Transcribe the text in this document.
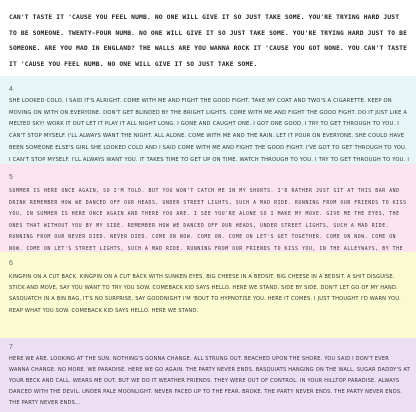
CAN'T TASTE IT 'CAUSE YOU FEEL NUMB. NO ONE WILL GIVE IT SO JUST TAKE SOME. YOU'RE TRYING HARD JUST TO BE SOMEONE. TWENTY-FOUR NUMB. NO ONE WILL GIVE IT SO JUST TAKE SOME. YOU'RE TRYING HARD JUST TO BE SOMEONE. ARE YOU MAD IN ENGLAND? THE WALLS ARE YOU WANNA ROCK IT 'CAUSE YOU GOT NONE. YOU CAN'T TASTE IT 'CAUSE YOU FEEL NUMB. NO ONE WILL GIVE IT SO JUST TAKE SOME.

4

SHE LOOKED COLD, I SAID IT'S ALRIGHT. COME WITH ME AND FIGHT THE GOOD FIGHT. TAKE MY COAT AND TWO'S A CIGARETTE. KEEP ON MOVING ON WITH ON EVERYONE. DON'T GET BLINDED BY THE BRIGHT LIGHTS. COME WITH ME AND FIGHT THE GOOD FIGHT. DO IT JUST LIKE A MELTED SKY! WORK IT OUT LET IT PLAY IT ALL NIGHT LONG. I GONE AND CAUGHT ONE. I GOT ONE GOOD. I TRY TO GET THROUGH TO YOU. I CAN'T STOP MYSELF. I'LL ALWAYS WANT THE NIGHT. ALL ALONE. COME WITH ME AND THE RAIN. LET IT POUR ON EVERYONE. SHE COULD HAVE BEEN SOMEONE ELSE'S GIRL SHE LOOKED COLD AND I SAID COME WITH ME AND FIGHT THE GOOD FIGHT. I'VE GOT TO GET THROUGH TO YOU. I CAN'T STOP MYSELF. I'LL ALWAYS WANT YOU. IT TAKES TIME TO GET UP ON TIME. WATCH THROUGH TO YOU. I TRY TO GET THROUGH TO YOU. I

5

SUMMER IS HERE ONCE AGAIN, SO I'M TOLD. BUT YOU WON'T CATCH ME IN MY SHORTS. I'D RATHER JUST SIT AT THIS BAR AND DRINK REMEMBER HOW WE DANCED OFF OUR HEADS, UNDER STREET LIGHTS, SUCH A MAD RIDE. RUNNING FROM OUR FRIENDS TO KISS YOU, IN SUMMER IS HERE ONCE AGAIN AND THERE YOU ARE. I SEE YOU'RE ALONE SO I MAKE MY MOVE. GIVE ME THE EYES, THE ONES THAT WITHOUT YOU BY MY SIDE. REMEMBER HOW WE DANCED OFF OUR HEADS, UNDER STREET LIGHTS, SUCH A MAD RIDE. RUNNING FROM OUR NEVER DIED. NEVER DIED. COME ON NOW. COME ON. COME ON LET'S GET TOGETHER. COME ON NOW. COME ON NOW. COME ON LET'S STREET LIGHTS, SUCH A MAD RIDE. RUNNING FROM OUR FRIENDS TO KISS YOU, IN THE ALLEYWAYS, BY THE

6

KINGPIN ON A CUT BACK. KINGPIN ON A CUT BACK WITH SUNKEN EYES. BIG CHEESE IN A BEDSIT. BIG CHEESE IN A BEDSIT. A SHIT DISGUISE. STICK AND MOVE, SAY YOU WANT TO TRY YOU SOW. COMEBACK KID SAYS HELLO. HERE WE STAND. SIDE BY SIDE. DON'T LET GO OF MY HAND. SASQUATCH IN A BIN BAG, IT'S NO SURPRISE, SAY GOODNIGHT I'M 'BOUT TO HYPNOTISE YOU. HERE IT COMES. I JUST THOUGHT I'D WARN YOU. REAP WHAT YOU SOW. COMEBACK KID SAYS HELLO. HERE WE STAND.

7

HERE WE ARE. LOOKING AT THE SUN. NOTHING'S GONNA CHANGE. ALL STRUNG OUT. BEACHED UPON THE SHORE. YOU SAID I DON'T EVER WANNA CHANGE. NO MORE. WE PARADISE. HERE WE GO AGAIN. THE PARTY NEVER ENDS. BASQUIATS HANGING ON THE WALL. SUGAR DADDY'S AT YOUR BECK AND CALL. WEARS ME OUT. BUT WE DO IT WEATHER FRIENDS. THEY WERE OUT OF CONTROL. IN YOUR HILLTOP PARADISE. ALWAYS DANCED WITH THE DEVIL. UNDER PALE MOONLIGHT. NEVER FACED UP TO THE FEAR. BROKE. THE PARTY NEVER ENDS. THE PARTY NEVER ENDS. THE PARTY NEVER ENDS...
